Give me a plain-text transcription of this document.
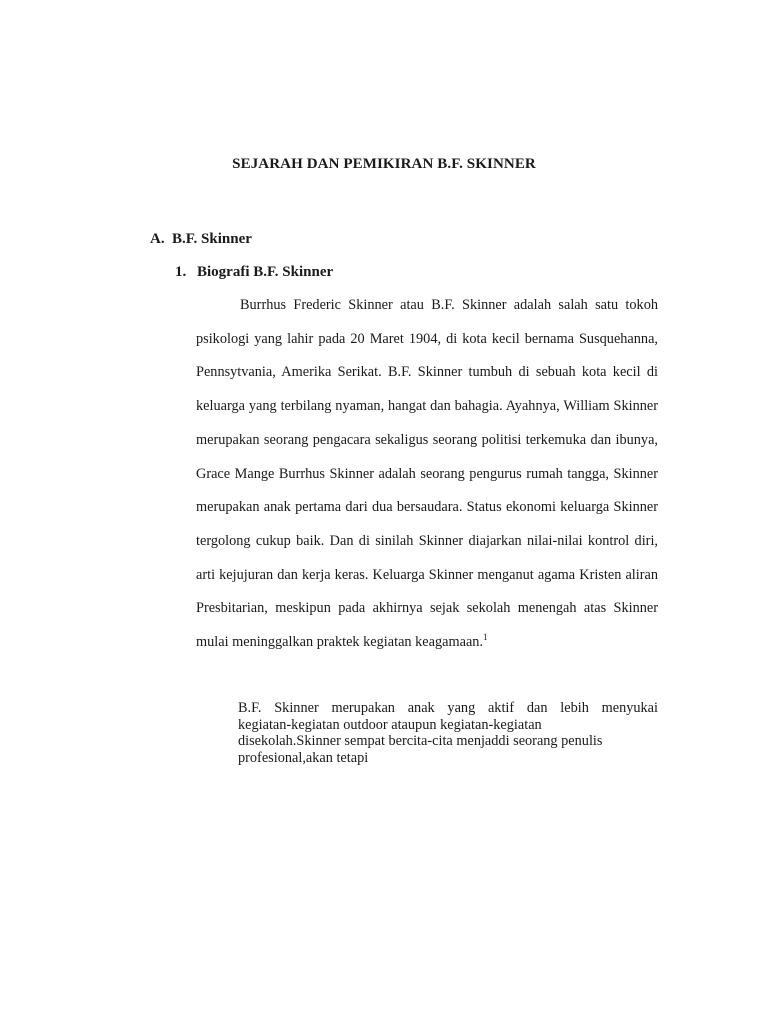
SEJARAH DAN PEMIKIRAN B.F. SKINNER
A. B.F. Skinner
1. Biografi B.F. Skinner

Burrhus Frederic Skinner atau B.F. Skinner adalah salah satu tokoh psikologi yang lahir pada 20 Maret 1904, di kota kecil bernama Susquehanna, Pennsytvania, Amerika Serikat. B.F. Skinner tumbuh di sebuah kota kecil di keluarga yang terbilang nyaman, hangat dan bahagia. Ayahnya, William Skinner merupakan seorang pengacara sekaligus seorang politisi terkemuka dan ibunya, Grace Mange Burrhus Skinner adalah seorang pengurus rumah tangga, Skinner merupakan anak pertama dari dua bersaudara. Status ekonomi keluarga Skinner tergolong cukup baik. Dan di sinilah Skinner diajarkan nilai-nilai kontrol diri, arti kejujuran dan kerja keras. Keluarga Skinner menganut agama Kristen aliran Presbitarian, meskipun pada akhirnya sejak sekolah menengah atas Skinner mulai meninggalkan praktek kegiatan keagamaan.$^1$

B.F. Skinner merupakan anak yang aktif dan lebih menyukai
kegiatan-kegiatan outdoor ataupun kegiatan-kegiatan
disekolah.Skinner sempat bercita-cita menjaddi seorang penulis
profesional,akan tetapi
